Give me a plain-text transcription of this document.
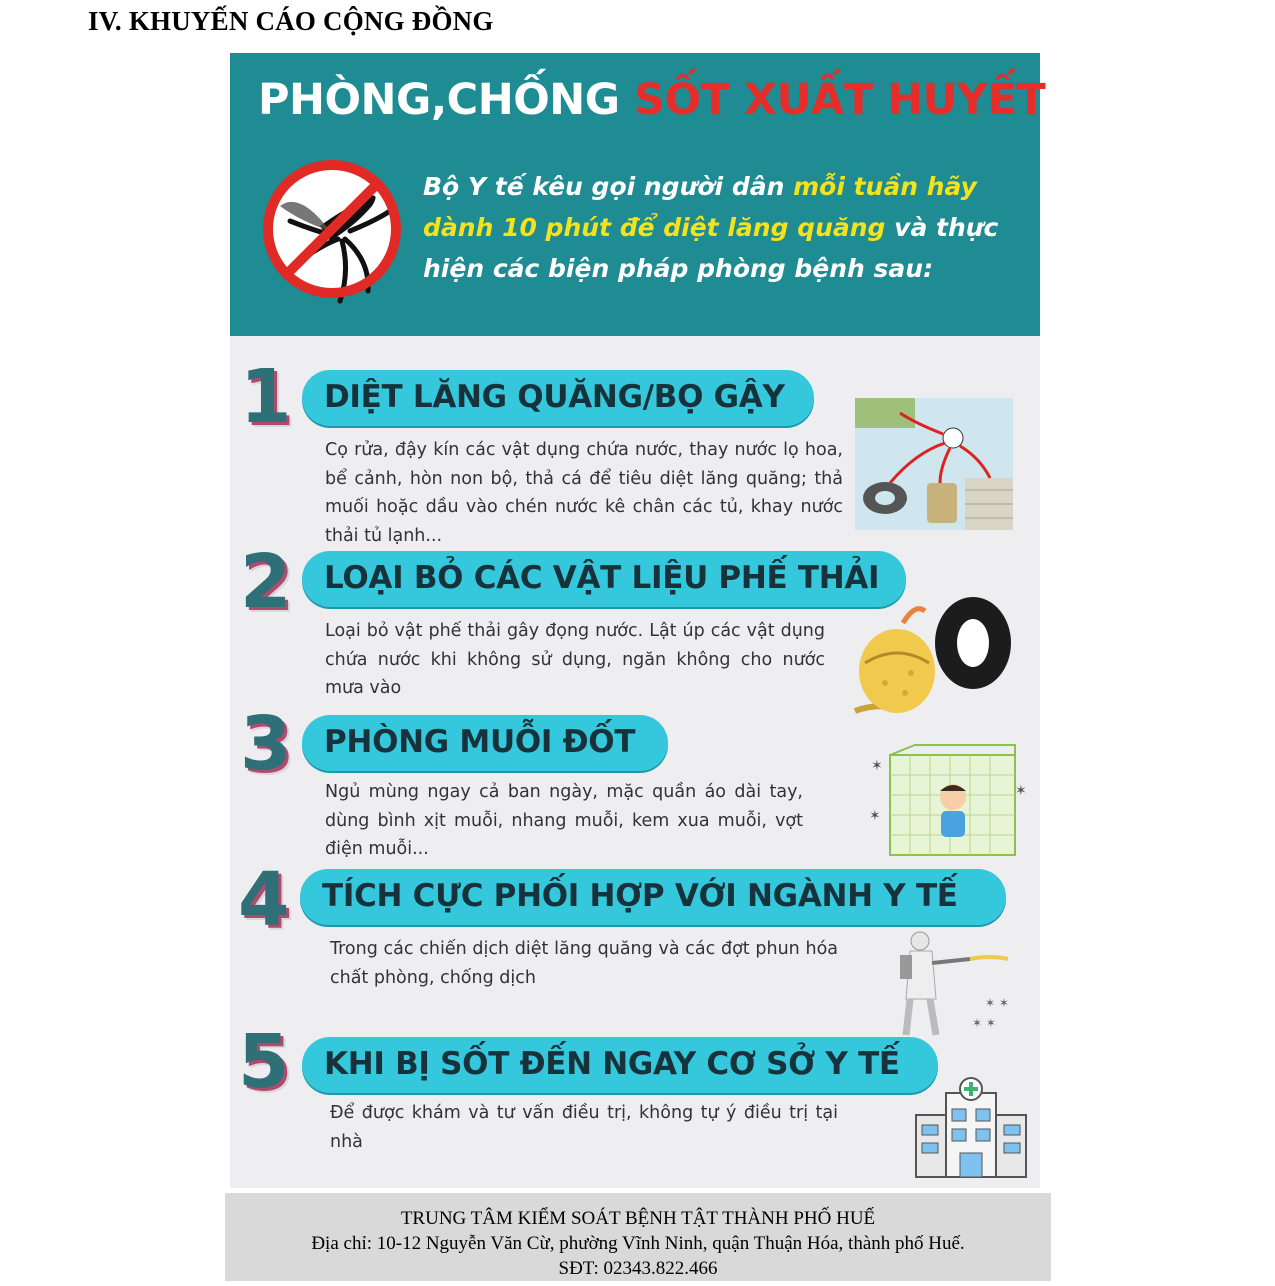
IV. KHUYẾN CÁO CỘNG ĐỒNG
PHÒNG,CHỐNG SỐT XUẤT HUYẾT
Bộ Y tế kêu gọi người dân mỗi tuần hãy dành 10 phút để diệt lăng quăng và thực hiện các biện pháp phòng bệnh sau:
1 DIỆT LĂNG QUĂNG/BỌ GẬY
Cọ rửa, đậy kín các vật dụng chứa nước, thay nước lọ hoa, bể cảnh, hòn non bộ, thả cá để tiêu diệt lăng quăng; thả muối hoặc dầu vào chén nước kê chân các tủ, khay nước thải tủ lạnh...
2 LOẠI BỎ CÁC VẬT LIỆU PHẾ THẢI
Loại bỏ vật phế thải gây đọng nước. Lật úp các vật dụng chứa nước khi không sử dụng, ngăn không cho nước mưa vào
3 PHÒNG MUỖI ĐỐT
Ngủ mùng ngay cả ban ngày, mặc quần áo dài tay, dùng bình xịt muỗi, nhang muỗi, kem xua muỗi, vợt điện muỗi...
✶
✶
✶
4 TÍCH CỰC PHỐI HỢP VỚI NGÀNH Y TẾ
Trong các chiến dịch diệt lăng quăng và các đợt phun hóa chất phòng, chống dịch
✶ ✶
✶ ✶
5 KHI BỊ SỐT ĐẾN NGAY CƠ SỞ Y TẾ
Để được khám và tư vấn điều trị, không tự ý điều trị tại nhà
TRUNG TÂM KIỂM SOÁT BỆNH TẬT THÀNH PHỐ HUẾ
Địa chỉ: 10-12 Nguyễn Văn Cừ, phường Vĩnh Ninh, quận Thuận Hóa, thành phố Huế.
SĐT: 02343.822.466
